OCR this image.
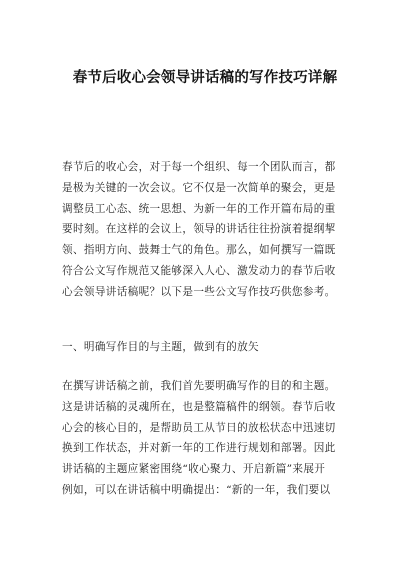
春节后收心会领导讲话稿的写作技巧详解
春节后的收心会，对于每一个组织、每一个团队而言，都
是极为关键的一次会议。它不仅是一次简单的聚会，更是
调整员工心态、统一思想、为新一年的工作开篇布局的重
要时刻。在这样的会议上，领导的讲话往往扮演着提纲挈
领、指明方向、鼓舞士气的角色。那么，如何撰写一篇既
符合公文写作规范又能够深入人心、激发动力的春节后收
心会领导讲话稿呢？以下是一些公文写作技巧供您参考。
一、明确写作目的与主题，做到有的放矢
在撰写讲话稿之前，我们首先要明确写作的目的和主题。
这是讲话稿的灵魂所在，也是整篇稿件的纲领。春节后收
心会的核心目的，是帮助员工从节日的放松状态中迅速切
换到工作状态，并对新一年的工作进行规划和部署。因此
讲话稿的主题应紧密围绕“收心聚力、开启新篇”来展开
例如，可以在讲话稿中明确提出：“新的一年，我们要以
